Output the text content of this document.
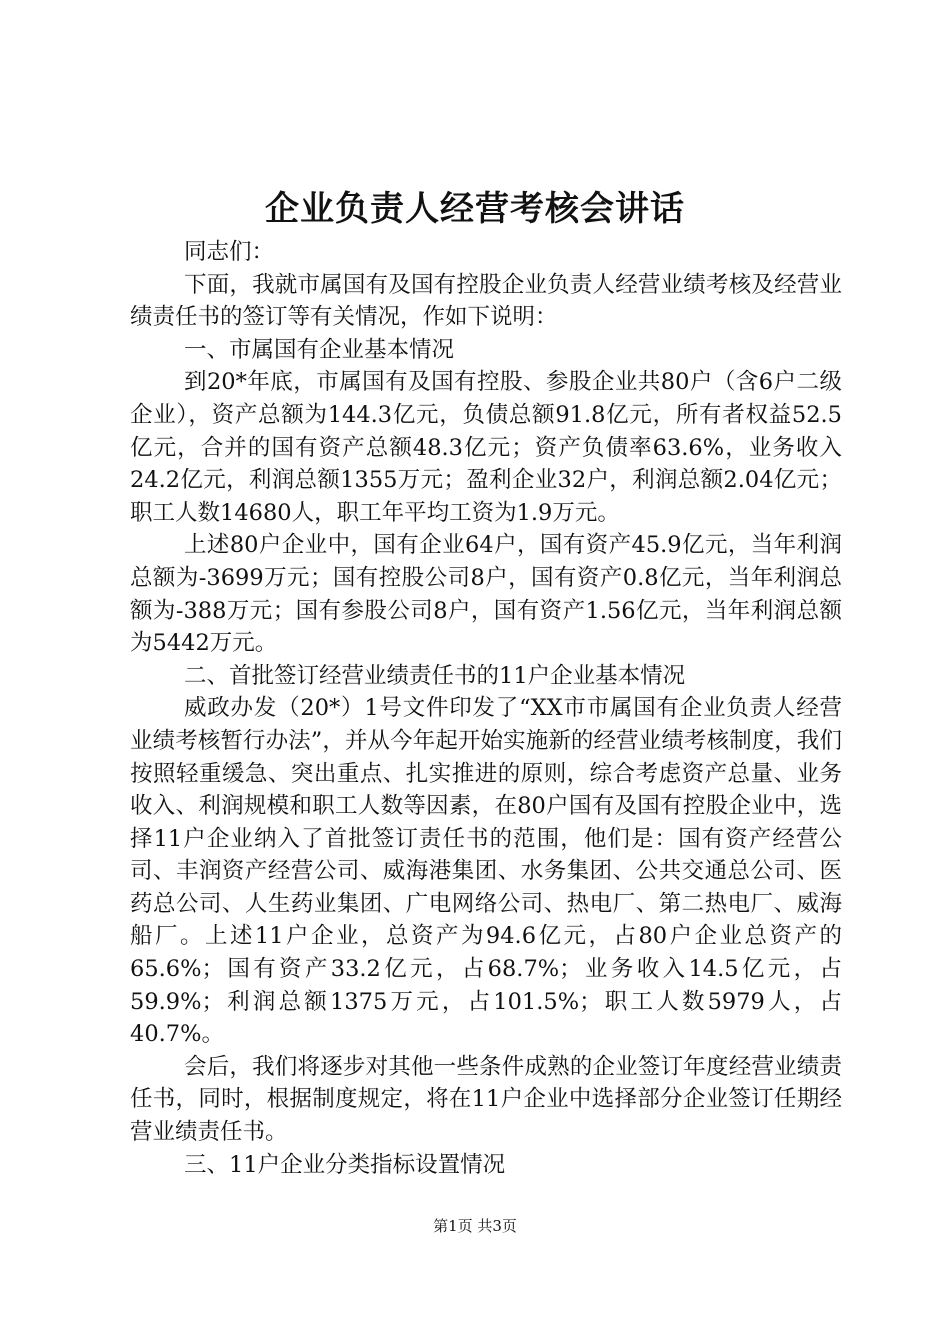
企业负责人经营考核会讲话

同志们：

下面，我就市属国有及国有控股企业负责人经营业绩考核及经营业绩责任书的签订等有关情况，作如下说明：

一、市属国有企业基本情况

到20*年底，市属国有及国有控股、参股企业共80户（含6户二级企业），资产总额为144.3亿元，负债总额91.8亿元，所有者权益52.5亿元，合并的国有资产总额48.3亿元；资产负债率63.6%，业务收入24.2亿元，利润总额1355万元；盈利企业32户，利润总额2.04亿元；职工人数14680人，职工年平均工资为1.9万元。

上述80户企业中，国有企业64户，国有资产45.9亿元，当年利润总额为-3699万元；国有控股公司8户，国有资产0.8亿元，当年利润总额为-388万元；国有参股公司8户，国有资产1.56亿元，当年利润总额为5442万元。

二、首批签订经营业绩责任书的11户企业基本情况

威政办发（20*）1号文件印发了“XX市市属国有企业负责人经营业绩考核暂行办法”，并从今年起开始实施新的经营业绩考核制度，我们按照轻重缓急、突出重点、扎实推进的原则，综合考虑资产总量、业务收入、利润规模和职工人数等因素，在80户国有及国有控股企业中，选择11户企业纳入了首批签订责任书的范围，他们是：国有资产经营公司、丰润资产经营公司、威海港集团、水务集团、公共交通总公司、医药总公司、人生药业集团、广电网络公司、热电厂、第二热电厂、威海船厂。上述11户企业，总资产为94.6亿元，占80户企业总资产的65.6%；国有资产33.2亿元，占68.7%；业务收入14.5亿元，占59.9%；利润总额1375万元，占101.5%；职工人数5979人，占40.7%。

会后，我们将逐步对其他一些条件成熟的企业签订年度经营业绩责任书，同时，根据制度规定，将在11户企业中选择部分企业签订任期经营业绩责任书。

三、11户企业分类指标设置情况

第1页 共3页
